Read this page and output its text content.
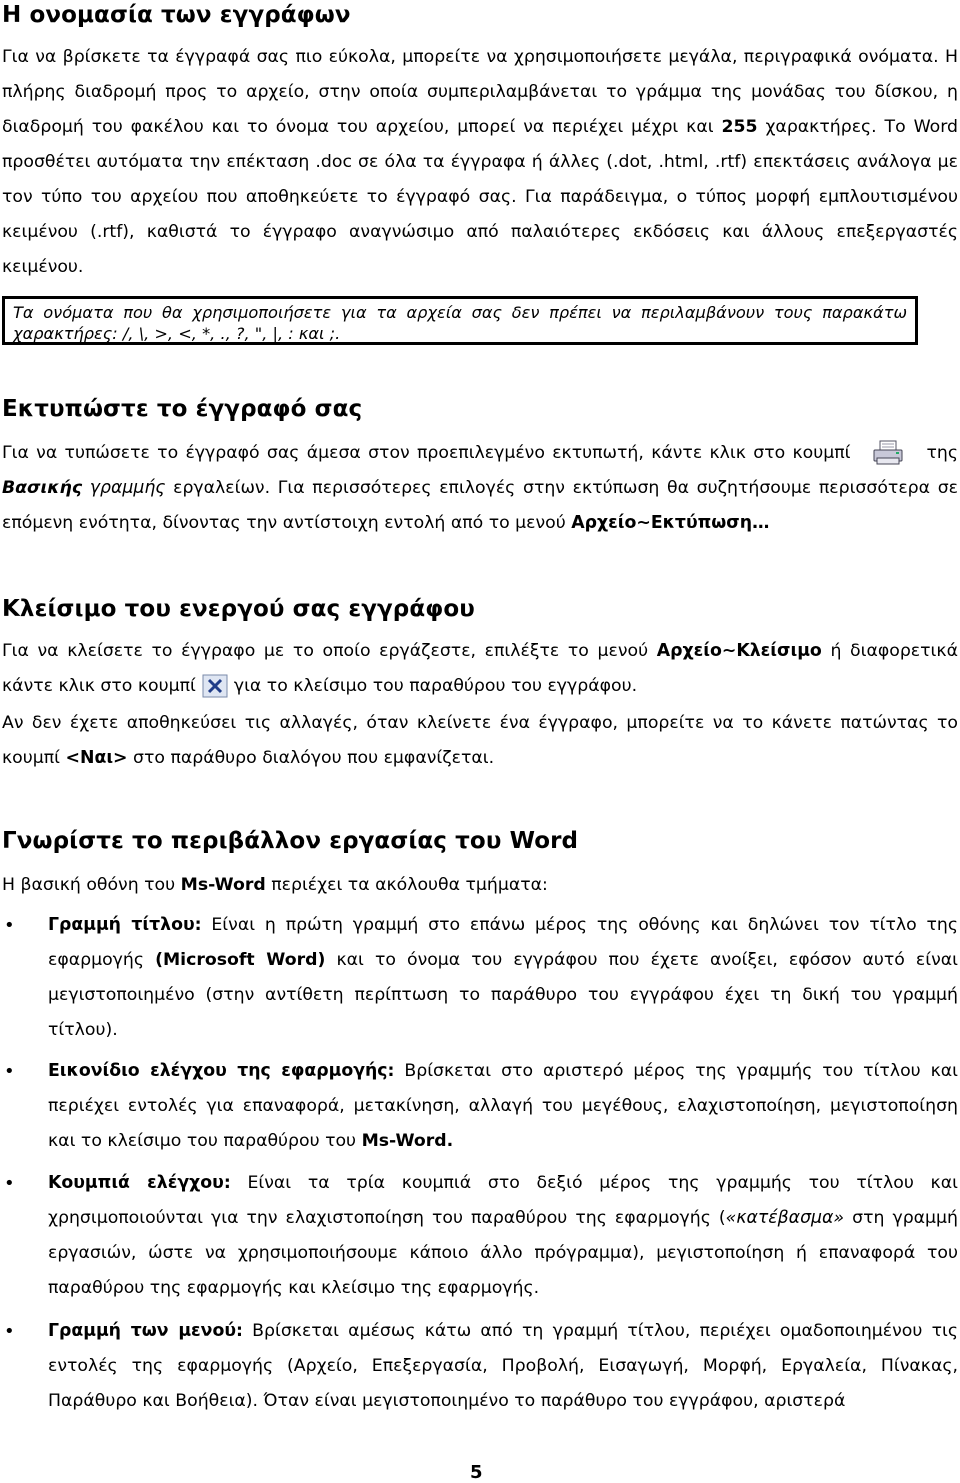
Η ονομασία των εγγράφων
Για να βρίσκετε τα έγγραφά σας πιο εύκολα, μπορείτε να χρησιμοποιήσετε μεγάλα, περιγραφικά ονόματα. Η πλήρης διαδρομή προς το αρχείο, στην οποία συμπεριλαμβάνεται το γράμμα της μονάδας του δίσκου, η διαδρομή του φακέλου και το όνομα του αρχείου, μπορεί να περιέχει μέχρι και 255 χαρακτήρες. Το Word προσθέτει αυτόματα την επέκταση .doc σε όλα τα έγγραφα ή άλλες (.dot, .html, .rtf) επεκτάσεις ανάλογα με τον τύπο του αρχείου που αποθηκεύετε το έγγραφό σας. Για παράδειγμα, ο τύπος μορφή εμπλουτισμένου κειμένου (.rtf), καθιστά το έγγραφο αναγνώσιμο από παλαιότερες εκδόσεις και άλλους επεξεργαστές κειμένου.
Τα ονόματα που θα χρησιμοποιήσετε για τα αρχεία σας δεν πρέπει να περιλαμβάνουν τους παρακάτω χαρακτήρες: /, \, >, <, *, ., ?, ", |, : και ;.
Εκτυπώστε το έγγραφό σας
Για να τυπώσετε το έγγραφό σας άμεσα στον προεπιλεγμένο εκτυπωτή, κάντε κλικ στο κουμπί	της Βασικής γραμμής εργαλείων. Για περισσότερες επιλογές στην εκτύπωση θα συζητήσουμε περισσότερα σε επόμενη ενότητα, δίνοντας την αντίστοιχη εντολή από το μενού Αρχείο~Εκτύπωση…
Κλείσιμο του ενεργού σας εγγράφου
Για να κλείσετε το έγγραφο με το οποίο εργάζεστε, επιλέξτε το μενού Αρχείο~Κλείσιμο ή διαφορετικά κάντε κλικ στο κουμπί για το κλείσιμο του παραθύρου του εγγράφου.
Αν δεν έχετε αποθηκεύσει τις αλλαγές, όταν κλείνετε ένα έγγραφο, μπορείτε να το κάνετε πατώντας το κουμπί <Ναι> στο παράθυρο διαλόγου που εμφανίζεται.
Γνωρίστε το περιβάλλον εργασίας του Word
Η βασική οθόνη του Ms-Word περιέχει τα ακόλουθα τμήματα:
• Γραμμή τίτλου: Είναι η πρώτη γραμμή στο επάνω μέρος της οθόνης και δηλώνει τον τίτλο της εφαρμογής (Microsoft Word) και το όνομα του εγγράφου που έχετε ανοίξει, εφόσον αυτό είναι μεγιστοποιημένο (στην αντίθετη περίπτωση το παράθυρο του εγγράφου έχει τη δική του γραμμή τίτλου).
• Εικονίδιο ελέγχου της εφαρμογής: Βρίσκεται στο αριστερό μέρος της γραμμής του τίτλου και περιέχει εντολές για επαναφορά, μετακίνηση, αλλαγή του μεγέθους, ελαχιστοποίηση, μεγιστοποίηση και το κλείσιμο του παραθύρου του Ms-Word.
• Κουμπιά ελέγχου: Είναι τα τρία κουμπιά στο δεξιό μέρος της γραμμής του τίτλου και χρησιμοποιούνται για την ελαχιστοποίηση του παραθύρου της εφαρμογής («κατέβασμα» στη γραμμή εργασιών, ώστε να χρησιμοποιήσουμε κάποιο άλλο πρόγραμμα), μεγιστοποίηση ή επαναφορά του παραθύρου της εφαρμογής και κλείσιμο της εφαρμογής.
• Γραμμή των μενού: Βρίσκεται αμέσως κάτω από τη γραμμή τίτλου, περιέχει ομαδοποιημένου τις εντολές της εφαρμογής (Αρχείο, Επεξεργασία, Προβολή, Εισαγωγή, Μορφή, Εργαλεία, Πίνακας, Παράθυρο και Βοήθεια). Όταν είναι μεγιστοποιημένο το παράθυρο του εγγράφου, αριστερά
5
